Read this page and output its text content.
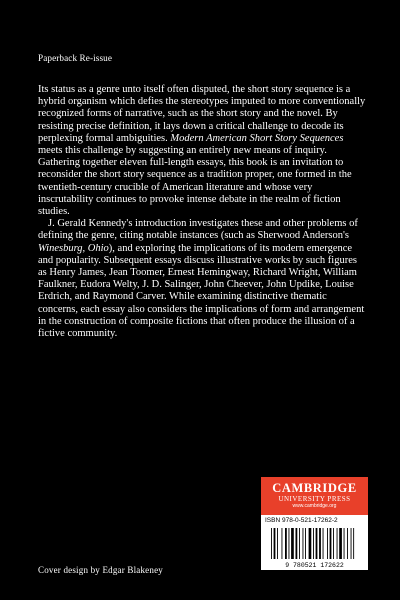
Paperback Re-issue

Its status as a genre unto itself often disputed, the short story sequence is a hybrid organism which defies the stereotypes imputed to more conventionally recognized forms of narrative, such as the short story and the novel. By resisting precise definition, it lays down a critical challenge to decode its perplexing formal ambiguities. Modern American Short Story Sequences meets this challenge by suggesting an entirely new means of inquiry. Gathering together eleven full-length essays, this book is an invitation to reconsider the short story sequence as a tradition proper, one formed in the twentieth-century crucible of American literature and whose very inscrutability continues to provoke intense debate in the realm of fiction studies.

J. Gerald Kennedy's introduction investigates these and other problems of defining the genre, citing notable instances (such as Sherwood Anderson's Winesburg, Ohio), and exploring the implications of its modern emergence and popularity. Subsequent essays discuss illustrative works by such figures as Henry James, Jean Toomer, Ernest Hemingway, Richard Wright, William Faulkner, Eudora Welty, J. D. Salinger, John Cheever, John Updike, Louise Erdrich, and Raymond Carver. While examining distinctive thematic concerns, each essay also considers the implications of form and arrangement in the construction of composite fictions that often produce the illusion of a fictive community.

CAMBRIDGE
UNIVERSITY PRESS
www.cambridge.org
ISBN 978-0-521-17262-2
9 780521 172622
Cover design by Edgar Blakeney
